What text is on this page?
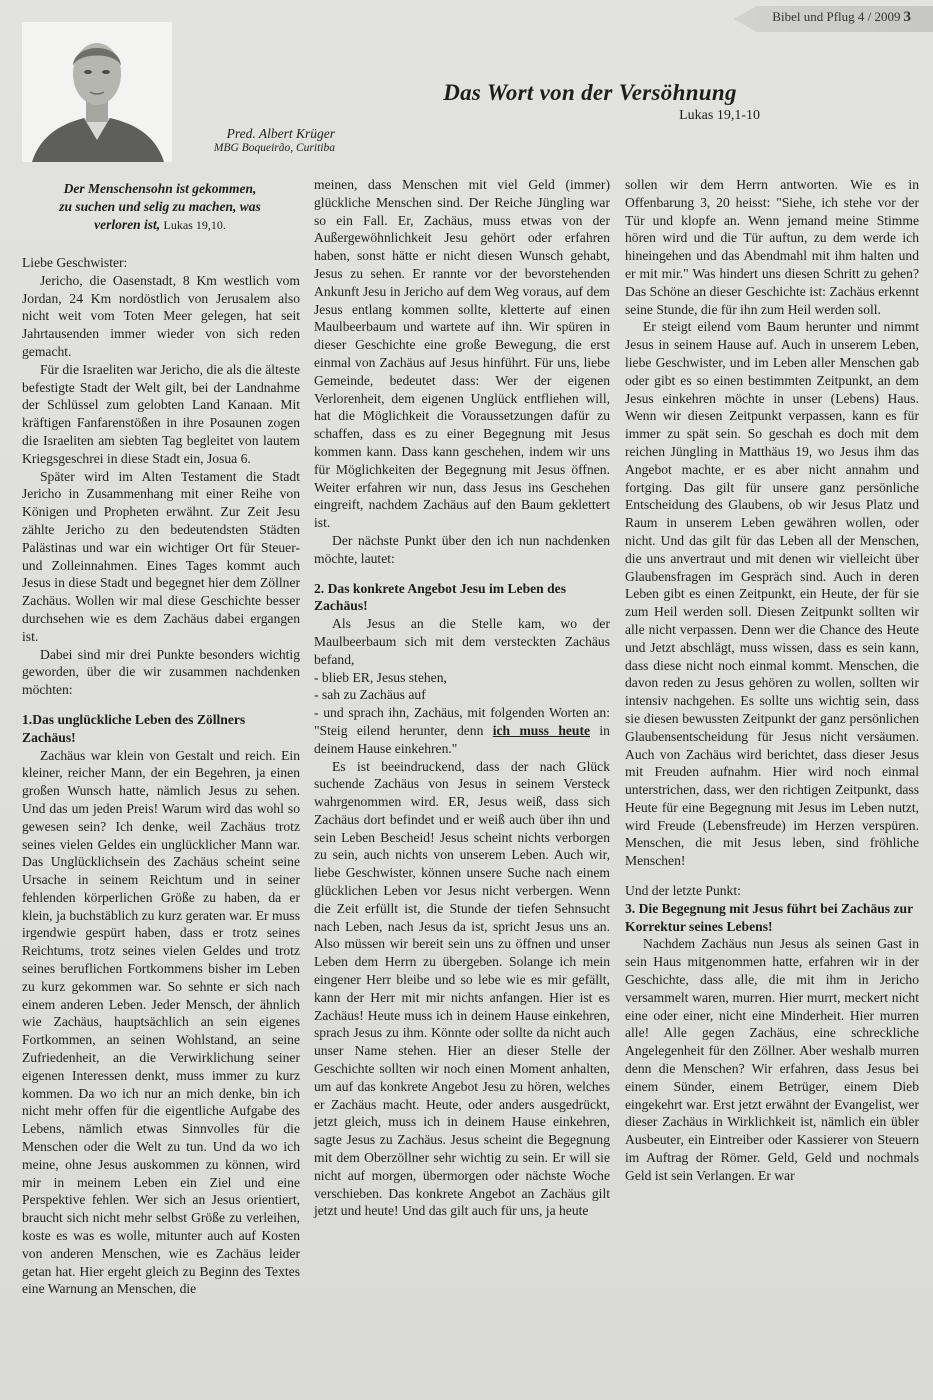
Bibel und Pflug 4 / 2009 3
Pred. Albert Krüger
MBG Boqueirão, Curitiba
Das Wort von der Versöhnung
Lukas 19,1-10
Der Menschensohn ist gekommen,
zu suchen und selig zu machen, was
verloren ist, Lukas 19,10.

Liebe Geschwister:

Jericho, die Oasenstadt, 8 Km westlich vom Jordan, 24 Km nordöstlich von Jerusalem also nicht weit vom Toten Meer gelegen, hat seit Jahrtausenden immer wieder von sich reden gemacht.

Für die Israeliten war Jericho, die als die älteste befestigte Stadt der Welt gilt, bei der Landnahme der Schlüssel zum gelobten Land Kanaan. Mit kräftigen Fanfarenstößen in ihre Posaunen zogen die Israeliten am siebten Tag begleitet von lautem Kriegsgeschrei in diese Stadt ein, Josua 6.

Später wird im Alten Testament die Stadt Jericho in Zusammenhang mit einer Reihe von Königen und Propheten erwähnt. Zur Zeit Jesu zählte Jericho zu den bedeutendsten Städten Palästinas und war ein wichtiger Ort für Steuer- und Zolleinnahmen. Eines Tages kommt auch Jesus in diese Stadt und begegnet hier dem Zöllner Zachäus. Wollen wir mal diese Geschichte besser durchsehen wie es dem Zachäus dabei ergangen ist.

Dabei sind mir drei Punkte besonders wichtig geworden, über die wir zusammen nachdenken möchten:

1.Das unglückliche Leben des Zöllners Zachäus!

Zachäus war klein von Gestalt und reich. Ein kleiner, reicher Mann, der ein Begehren, ja einen großen Wunsch hatte, nämlich Jesus zu sehen. Und das um jeden Preis! Warum wird das wohl so gewesen sein? Ich denke, weil Zachäus trotz seines vielen Geldes ein unglücklicher Mann war. Das Unglücklichsein des Zachäus scheint seine Ursache in seinem Reichtum und in seiner fehlenden körperlichen Größe zu haben, da er klein, ja buchstäblich zu kurz geraten war. Er muss irgendwie gespürt haben, dass er trotz seines Reichtums, trotz seines vielen Geldes und trotz seines beruflichen Fortkommens bisher im Leben zu kurz gekommen war. So sehnte er sich nach einem anderen Leben. Jeder Mensch, der ähnlich wie Zachäus, hauptsächlich an sein eigenes Fortkommen, an seinen Wohlstand, an seine Zufriedenheit, an die Verwirklichung seiner eigenen Interessen denkt, muss immer zu kurz kommen. Da wo ich nur an mich denke, bin ich nicht mehr offen für die eigentliche Aufgabe des Lebens, nämlich etwas Sinnvolles für die Menschen oder die Welt zu tun. Und da wo ich meine, ohne Jesus auskommen zu können, wird mir in meinem Leben ein Ziel und eine Perspektive fehlen. Wer sich an Jesus orientiert, braucht sich nicht mehr selbst Größe zu verleihen, koste es was es wolle, mitunter auch auf Kosten von anderen Menschen, wie es Zachäus leider getan hat. Hier ergeht gleich zu Beginn des Textes eine Warnung an Menschen, die

meinen, dass Menschen mit viel Geld (immer) glückliche Menschen sind. Der Reiche Jüngling war so ein Fall. Er, Zachäus, muss etwas von der Außergewöhnlichkeit Jesu gehört oder erfahren haben, sonst hätte er nicht diesen Wunsch gehabt, Jesus zu sehen. Er rannte vor der bevorstehenden Ankunft Jesu in Jericho auf dem Weg voraus, auf dem Jesus entlang kommen sollte, kletterte auf einen Maulbeerbaum und wartete auf ihn. Wir spüren in dieser Geschichte eine große Bewegung, die erst einmal von Zachäus auf Jesus hinführt. Für uns, liebe Gemeinde, bedeutet dass: Wer der eigenen Verlorenheit, dem eigenen Unglück entfliehen will, hat die Möglichkeit die Voraussetzungen dafür zu schaffen, dass es zu einer Begegnung mit Jesus kommen kann. Dass kann geschehen, indem wir uns für Möglichkeiten der Begegnung mit Jesus öffnen. Weiter erfahren wir nun, dass Jesus ins Geschehen eingreift, nachdem Zachäus auf den Baum geklettert ist.

Der nächste Punkt über den ich nun nachdenken möchte, lautet:

2. Das konkrete Angebot Jesu im Leben des Zachäus!

Als Jesus an die Stelle kam, wo der Maulbeerbaum sich mit dem versteckten Zachäus befand,

- blieb ER, Jesus stehen,

- sah zu Zachäus auf

- und sprach ihn, Zachäus, mit folgenden Worten an: "Steig eilend herunter, denn ich muss heute in deinem Hause einkehren."

Es ist beeindruckend, dass der nach Glück suchende Zachäus von Jesus in seinem Versteck wahrgenommen wird. ER, Jesus weiß, dass sich Zachäus dort befindet und er weiß auch über ihn und sein Leben Bescheid! Jesus scheint nichts verborgen zu sein, auch nichts von unserem Leben. Auch wir, liebe Geschwister, können unsere Suche nach einem glücklichen Leben vor Jesus nicht verbergen. Wenn die Zeit erfüllt ist, die Stunde der tiefen Sehnsucht nach Leben, nach Jesus da ist, spricht Jesus uns an. Also müssen wir bereit sein uns zu öffnen und unser Leben dem Herrn zu übergeben. Solange ich mein eingener Herr bleibe und so lebe wie es mir gefällt, kann der Herr mit mir nichts anfangen. Hier ist es Zachäus! Heute muss ich in deinem Hause einkehren, sprach Jesus zu ihm. Könnte oder sollte da nicht auch unser Name stehen. Hier an dieser Stelle der Geschichte sollten wir noch einen Moment anhalten, um auf das konkrete Angebot Jesu zu hören, welches er Zachäus macht. Heute, oder anders ausgedrückt, jetzt gleich, muss ich in deinem Hause einkehren, sagte Jesus zu Zachäus. Jesus scheint die Begegnung mit dem Oberzöllner sehr wichtig zu sein. Er will sie nicht auf morgen, übermorgen oder nächste Woche verschieben. Das konkrete Angebot an Zachäus gilt jetzt und heute! Und das gilt auch für uns, ja heute

sollen wir dem Herrn antworten. Wie es in Offenbarung 3, 20 heisst: "Siehe, ich stehe vor der Tür und klopfe an. Wenn jemand meine Stimme hören wird und die Tür auftun, zu dem werde ich hineingehen und das Abendmahl mit ihm halten und er mit mir." Was hindert uns diesen Schritt zu gehen? Das Schöne an dieser Geschichte ist: Zachäus erkennt seine Stunde, die für ihn zum Heil werden soll.

Er steigt eilend vom Baum herunter und nimmt Jesus in seinem Hause auf. Auch in unserem Leben, liebe Geschwister, und im Leben aller Menschen gab oder gibt es so einen bestimmten Zeitpunkt, an dem Jesus einkehren möchte in unser (Lebens) Haus. Wenn wir diesen Zeitpunkt verpassen, kann es für immer zu spät sein. So geschah es doch mit dem reichen Jüngling in Matthäus 19, wo Jesus ihm das Angebot machte, er es aber nicht annahm und fortging. Das gilt für unsere ganz persönliche Entscheidung des Glaubens, ob wir Jesus Platz und Raum in unserem Leben gewähren wollen, oder nicht. Und das gilt für das Leben all der Menschen, die uns anvertraut und mit denen wir vielleicht über Glaubensfragen im Gespräch sind. Auch in deren Leben gibt es einen Zeitpunkt, ein Heute, der für sie zum Heil werden soll. Diesen Zeitpunkt sollten wir alle nicht verpassen. Denn wer die Chance des Heute und Jetzt abschlägt, muss wissen, dass es sein kann, dass diese nicht noch einmal kommt. Menschen, die davon reden zu Jesus gehören zu wollen, sollten wir intensiv nachgehen. Es sollte uns wichtig sein, dass sie diesen bewussten Zeitpunkt der ganz persönlichen Glaubensentscheidung für Jesus nicht versäumen. Auch von Zachäus wird berichtet, dass dieser Jesus mit Freuden aufnahm. Hier wird noch einmal unterstrichen, dass, wer den richtigen Zeitpunkt, dass Heute für eine Begegnung mit Jesus im Leben nutzt, wird Freude (Lebensfreude) im Herzen verspüren. Menschen, die mit Jesus leben, sind fröhliche Menschen!

Und der letzte Punkt:

3. Die Begegnung mit Jesus führt bei Zachäus zur Korrektur seines Lebens!

Nachdem Zachäus nun Jesus als seinen Gast in sein Haus mitgenommen hatte, erfahren wir in der Geschichte, dass alle, die mit ihm in Jericho versammelt waren, murren. Hier murrt, meckert nicht eine oder einer, nicht eine Minderheit. Hier murren alle! Alle gegen Zachäus, eine schreckliche Angelegenheit für den Zöllner. Aber weshalb murren denn die Menschen? Wir erfahren, dass Jesus bei einem Sünder, einem Betrüger, einem Dieb eingekehrt war. Erst jetzt erwähnt der Evangelist, wer dieser Zachäus in Wirklichkeit ist, nämlich ein übler Ausbeuter, ein Eintreiber oder Kassierer von Steuern im Auftrag der Römer. Geld, Geld und nochmals Geld ist sein Verlangen. Er war
